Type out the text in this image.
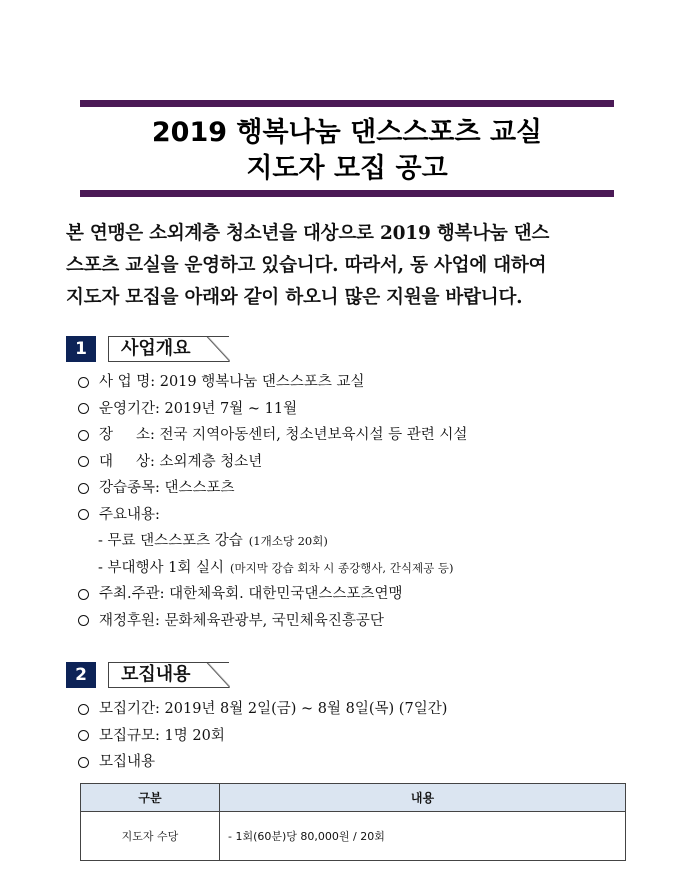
2019 행복나눔 댄스스포츠 교실
지도자 모집 공고
본 연맹은 소외계층 청소년을 대상으로 2019 행복나눔 댄스
스포츠 교실을 운영하고 있습니다. 따라서, 동 사업에 대하여
지도자 모집을 아래와 같이 하오니 많은 지원을 바랍니다.
1	사업개요
사 업 명: 2019 행복나눔 댄스스포츠 교실
운영기간: 2019년 7월 ~ 11월
장     소: 전국 지역아동센터, 청소년보육시설 등 관련 시설
대     상: 소외계층 청소년
강습종목: 댄스스포츠
주요내용:
- 무료 댄스스포츠 강습 (1개소당 20회)
- 부대행사 1회 실시 (마지막 강습 회차 시 종강행사, 간식제공 등)
주최.주관: 대한체육회. 대한민국댄스스포츠연맹
재정후원: 문화체육관광부, 국민체육진흥공단
2	모집내용
모집기간: 2019년 8월 2일(금) ~ 8월 8일(목) (7일간)
모집규모: 1명 20회
모집내용
구분	내용
지도자 수당	- 1회(60분)당 80,000원 / 20회
